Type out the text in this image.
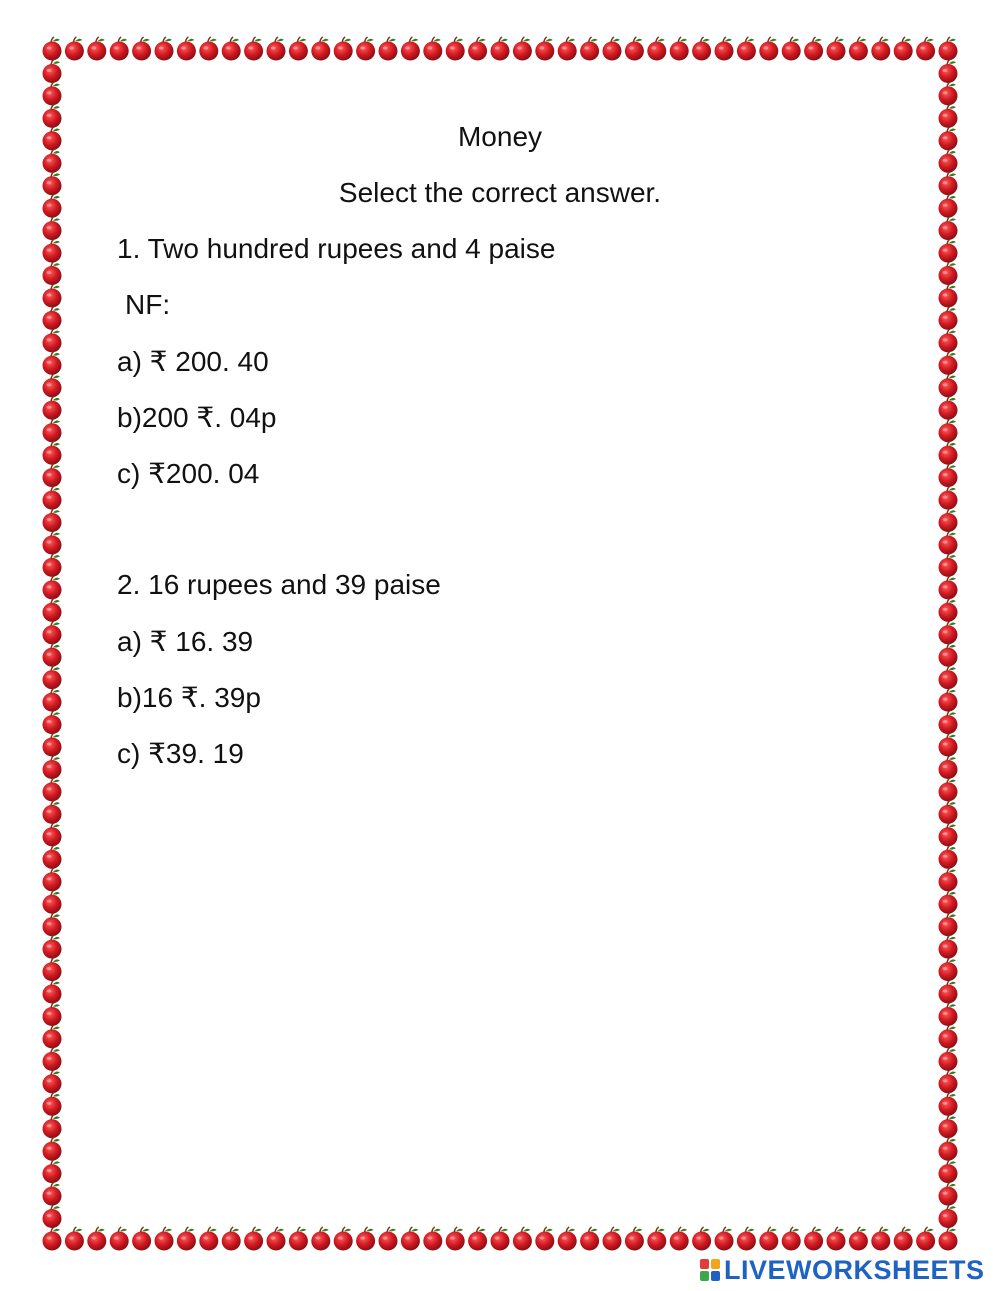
Money
Select the correct answer.
1. Two hundred rupees and 4 paise
NF:
a) ₹ 200. 40
b)200 ₹. 04p
c) ₹200. 04
2. 16 rupees and 39 paise
a) ₹ 16. 39
b)16 ₹. 39p
c) ₹39. 19
LIVEWORKSHEETS
